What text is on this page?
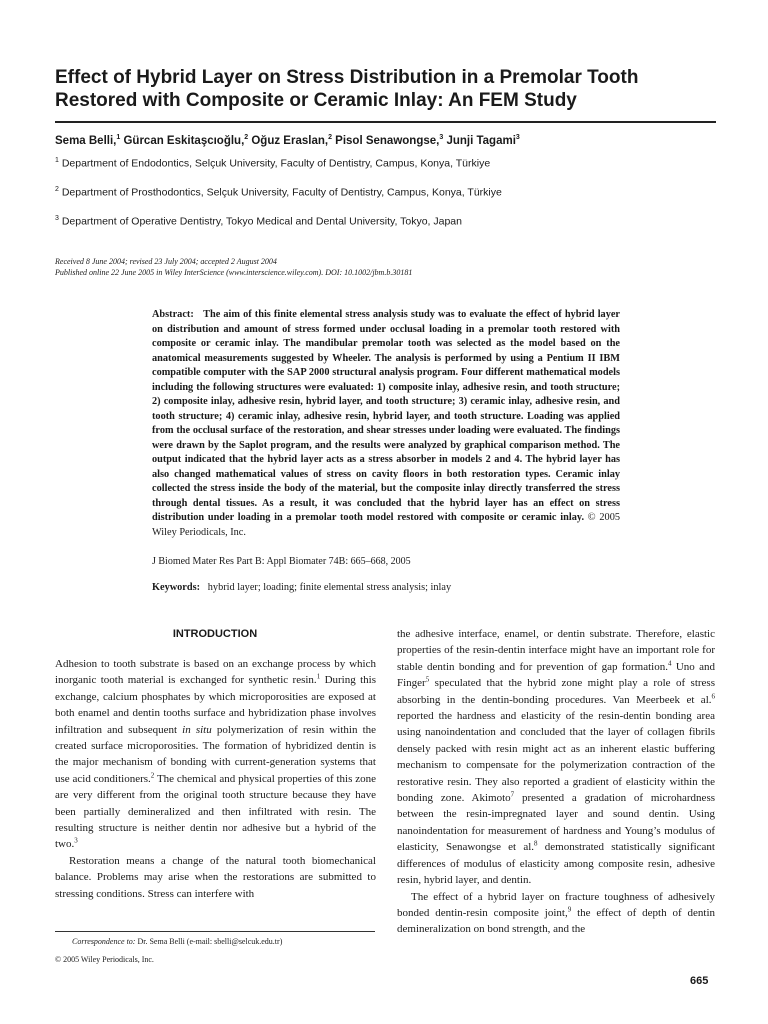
Effect of Hybrid Layer on Stress Distribution in a Premolar Tooth Restored with Composite or Ceramic Inlay: An FEM Study
Sema Belli,$^1$ Gürcan Eskitaşcıoğlu,$^2$ Oğuz Eraslan,$^2$ Pisol Senawongse,$^3$ Junji Tagami$^3$
$^1$ Department of Endodontics, Selçuk University, Faculty of Dentistry, Campus, Konya, Türkiye
$^2$ Department of Prosthodontics, Selçuk University, Faculty of Dentistry, Campus, Konya, Türkiye
$^3$ Department of Operative Dentistry, Tokyo Medical and Dental University, Tokyo, Japan
Received 8 June 2004; revised 23 July 2004; accepted 2 August 2004
Published online 22 June 2005 in Wiley InterScience (www.interscience.wiley.com). DOI: 10.1002/jbm.b.30181

Abstract: The aim of this finite elemental stress analysis study was to evaluate the effect of hybrid layer on distribution and amount of stress formed under occlusal loading in a premolar tooth restored with composite or ceramic inlay. The mandibular premolar tooth was selected as the model based on the anatomical measurements suggested by Wheeler. The analysis is performed by using a Pentium II IBM compatible computer with the SAP 2000 structural analysis program. Four different mathematical models including the following structures were evaluated: 1) composite inlay, adhesive resin, and tooth structure; 2) composite inlay, adhesive resin, hybrid layer, and tooth structure; 3) ceramic inlay, adhesive resin, and tooth structure; 4) ceramic inlay, adhesive resin, hybrid layer, and tooth structure. Loading was applied from the occlusal surface of the restoration, and shear stresses under loading were evaluated. The findings were drawn by the Saplot program, and the results were analyzed by graphical comparison method. The output indicated that the hybrid layer acts as a stress absorber in models 2 and 4. The hybrid layer has also changed mathematical values of stress on cavity floors in both restoration types. Ceramic inlay collected the stress inside the body of the material, but the composite inlay directly transferred the stress through dental tissues. As a result, it was concluded that the hybrid layer has an effect on stress distribution under loading in a premolar tooth model restored with composite or ceramic inlay. © 2005 Wiley Periodicals, Inc.

J Biomed Mater Res Part B: Appl Biomater 74B: 665–668, 2005
Keywords: hybrid layer; loading; finite elemental stress analysis; inlay
INTRODUCTION

Adhesion to tooth substrate is based on an exchange process by which inorganic tooth material is exchanged for synthetic resin.$^1$ During this exchange, calcium phosphates by which microporosities are exposed at both enamel and dentin tooths surface and hybridization phase involves infiltration and subsequent in situ polymerization of resin within the created surface microporosities. The formation of hybridized dentin is the major mechanism of bonding with current-generation systems that use acid conditioners.$^2$ The chemical and physical properties of this zone are very different from the original tooth structure because they have been partially demineralized and then infiltrated with resin. The resulting structure is neither dentin nor adhesive but a hybrid of the two.$^3$

Restoration means a change of the natural tooth biomechanical balance. Problems may arise when the restorations are submitted to stressing conditions. Stress can interfere with

the adhesive interface, enamel, or dentin substrate. Therefore, elastic properties of the resin-dentin interface might have an important role for stable dentin bonding and for prevention of gap formation.$^4$ Uno and Finger$^5$ speculated that the hybrid zone might play a role of stress absorbing in the dentin-bonding procedures. Van Meerbeek et al.$^6$ reported the hardness and elasticity of the resin-dentin bonding area using nanoindentation and concluded that the layer of collagen fibrils densely packed with resin might act as an inherent elastic buffering mechanism to compensate for the polymerization contraction of the restorative resin. They also reported a gradient of elasticity within the bonding zone. Akimoto$^7$ presented a gradation of microhardness between the resin-impregnated layer and sound dentin. Using nanoindentation for measurement of hardness and Young’s modulus of elasticity, Senawongse et al.$^8$ demonstrated statistically significant differences of modulus of elasticity among composite resin, adhesive resin, hybrid layer, and dentin.

The effect of a hybrid layer on fracture toughness of adhesively bonded dentin-resin composite joint,$^9$ the effect of depth of dentin demineralization on bond strength, and the

Correspondence to: Dr. Sema Belli (e-mail: sbelli@selcuk.edu.tr)
© 2005 Wiley Periodicals, Inc.
665
